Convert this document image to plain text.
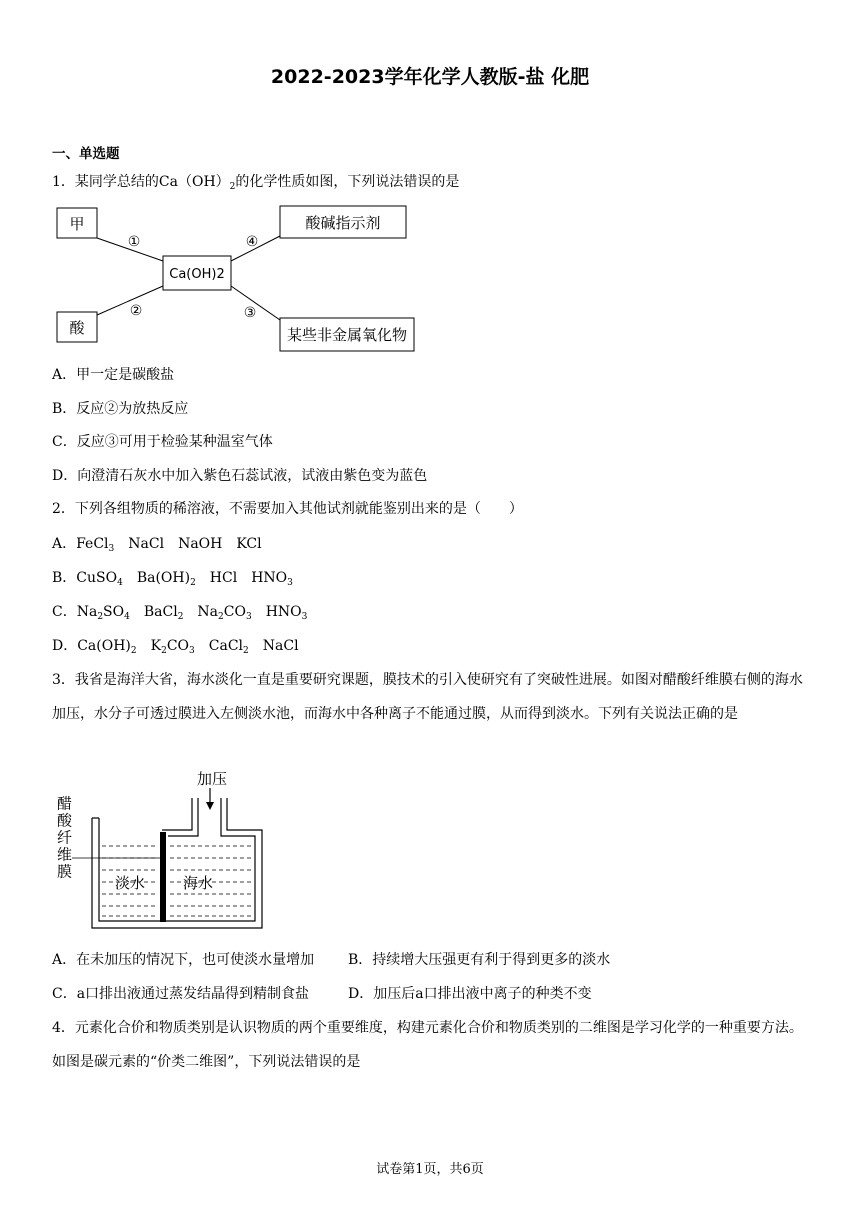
2022-2023学年化学人教版-盐 化肥
一、单选题
1．某同学总结的$Ca(OH)_2$的化学性质如图，下列说法错误的是
甲	酸碱指示剂
Ca(OH)2
酸	某些非金属氧化物
①	④
②	③
A．甲一定是碳酸盐
B．反应②为放热反应
C．反应③可用于检验某种温室气体
D．向澄清石灰水中加入紫色石蕊试液，试液由紫色变为蓝色
2．下列各组物质的稀溶液，不需要加入其他试剂就能鉴别出来的是（　　）
A．FeCl$_3$　NaCl　NaOH　KCl
B．CuSO$_4$　$Ba(OH)_2$　HCl　$HNO_3$
C．$Na_2SO_4$　BaCl$_2$　$Na_2CO_3$　$HNO_3$
D．$Ca(OH)_2$　$K_2CO_3$　CaCl$_2$　NaCl
3．我省是海洋大省，海水淡化一直是重要研究课题，膜技术的引入使研究有了突破性进展。如图对醋酸纤维膜右侧的海水加压，水分子可透过膜进入左侧淡水池，而海水中各种离子不能通过膜，从而得到淡水。下列有关说法正确的是
加压
淡水	海水
醋酸纤维膜
A．在未加压的情况下，也可使淡水量增加 B．持续增大压强更有利于得到更多的淡水
C．a口排出液通过蒸发结晶得到精制食盐	D．加压后a口排出液中离子的种类不变
4．元素化合价和物质类别是认识物质的两个重要维度，构建元素化合价和物质类别的二维图是学习化学的一种重要方法。如图是碳元素的“价类二维图”，下列说法错误的是
试卷第1页，共6页
